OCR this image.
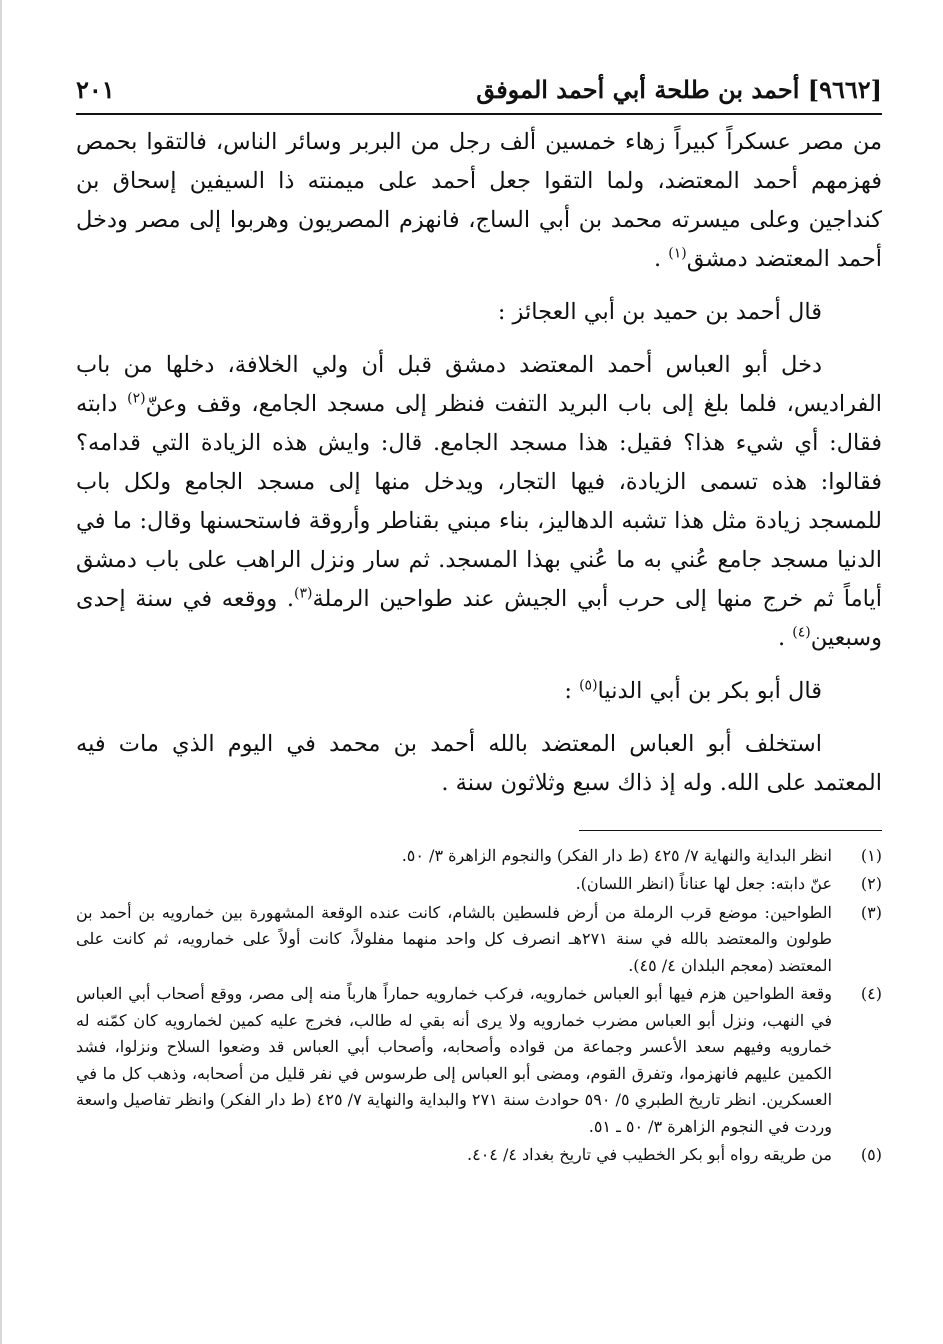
[٩٦٦٢] أحمد بن طلحة أبي أحمد الموفق
٢٠١

من مصر عسكراً كبيراً زهاء خمسين ألف رجل من البربر وسائر الناس، فالتقوا بحمص فهزمهم أحمد المعتضد، ولما التقوا جعل أحمد على ميمنته ذا السيفين إسحاق بن كنداجين وعلى ميسرته محمد بن أبي الساج، فانهزم المصريون وهربوا إلى مصر ودخل أحمد المعتضد دمشق$^{(١)}$ .

قال أحمد بن حميد بن أبي العجائز :

دخل أبو العباس أحمد المعتضد دمشق قبل أن ولي الخلافة، دخلها من باب الفراديس، فلما بلغ إلى باب البريد التفت فنظر إلى مسجد الجامع، وقف وعنّ$^{(٢)}$ دابته فقال: أي شيء هذا؟ فقيل: هذا مسجد الجامع. قال: وايش هذه الزيادة التي قدامه؟ فقالوا: هذه تسمى الزيادة، فيها التجار، ويدخل منها إلى مسجد الجامع ولكل باب للمسجد زيادة مثل هذا تشبه الدهاليز، بناء مبني بقناطر وأروقة فاستحسنها وقال: ما في الدنيا مسجد جامع عُني به ما عُني بهذا المسجد. ثم سار ونزل الراهب على باب دمشق أياماً ثم خرج منها إلى حرب أبي الجيش عند طواحين الرملة$^{(٣)}$. ووقعه في سنة إحدى وسبعين$^{(٤)}$ .

قال أبو بكر بن أبي الدنيا$^{(٥)}$ :

استخلف أبو العباس المعتضد بالله أحمد بن محمد في اليوم الذي مات فيه المعتمد على الله. وله إذ ذاك سبع وثلاثون سنة .

(١)
انظر البداية والنهاية ٧/ ٤٢٥ (ط دار الفكر) والنجوم الزاهرة ٣/ ٥٠.
(٢)
عنّ دابته: جعل لها عناناً (انظر اللسان).
(٣)
الطواحين: موضع قرب الرملة من أرض فلسطين بالشام، كانت عنده الوقعة المشهورة بين خمارويه بن أحمد بن طولون والمعتضد بالله في سنة ٢٧١هـ انصرف كل واحد منهما مفلولاً، كانت أولاً على خمارويه، ثم كانت على المعتضد (معجم البلدان ٤/ ٤٥).
(٤)
وقعة الطواحين هزم فيها أبو العباس خمارويه، فركب خمارويه حماراً هارباً منه إلى مصر، ووقع أصحاب أبي العباس في النهب، ونزل أبو العباس مضرب خمارويه ولا يرى أنه بقي له طالب، فخرج عليه كمين لخمارويه كان كمّنه له خمارويه وفيهم سعد الأعسر وجماعة من قواده وأصحابه، وأصحاب أبي العباس قد وضعوا السلاح ونزلوا، فشد الكمين عليهم فانهزموا، وتفرق القوم، ومضى أبو العباس إلى طرسوس في نفر قليل من أصحابه، وذهب كل ما في العسكرين. انظر تاريخ الطبري ٥/ ٥٩٠ حوادث سنة ٢٧١ والبداية والنهاية ٧/ ٤٢٥ (ط دار الفكر) وانظر تفاصيل واسعة وردت في النجوم الزاهرة ٣/ ٥٠ ـ ٥١.
(٥)
من طريقه رواه أبو بكر الخطيب في تاريخ بغداد ٤/ ٤٠٤.
